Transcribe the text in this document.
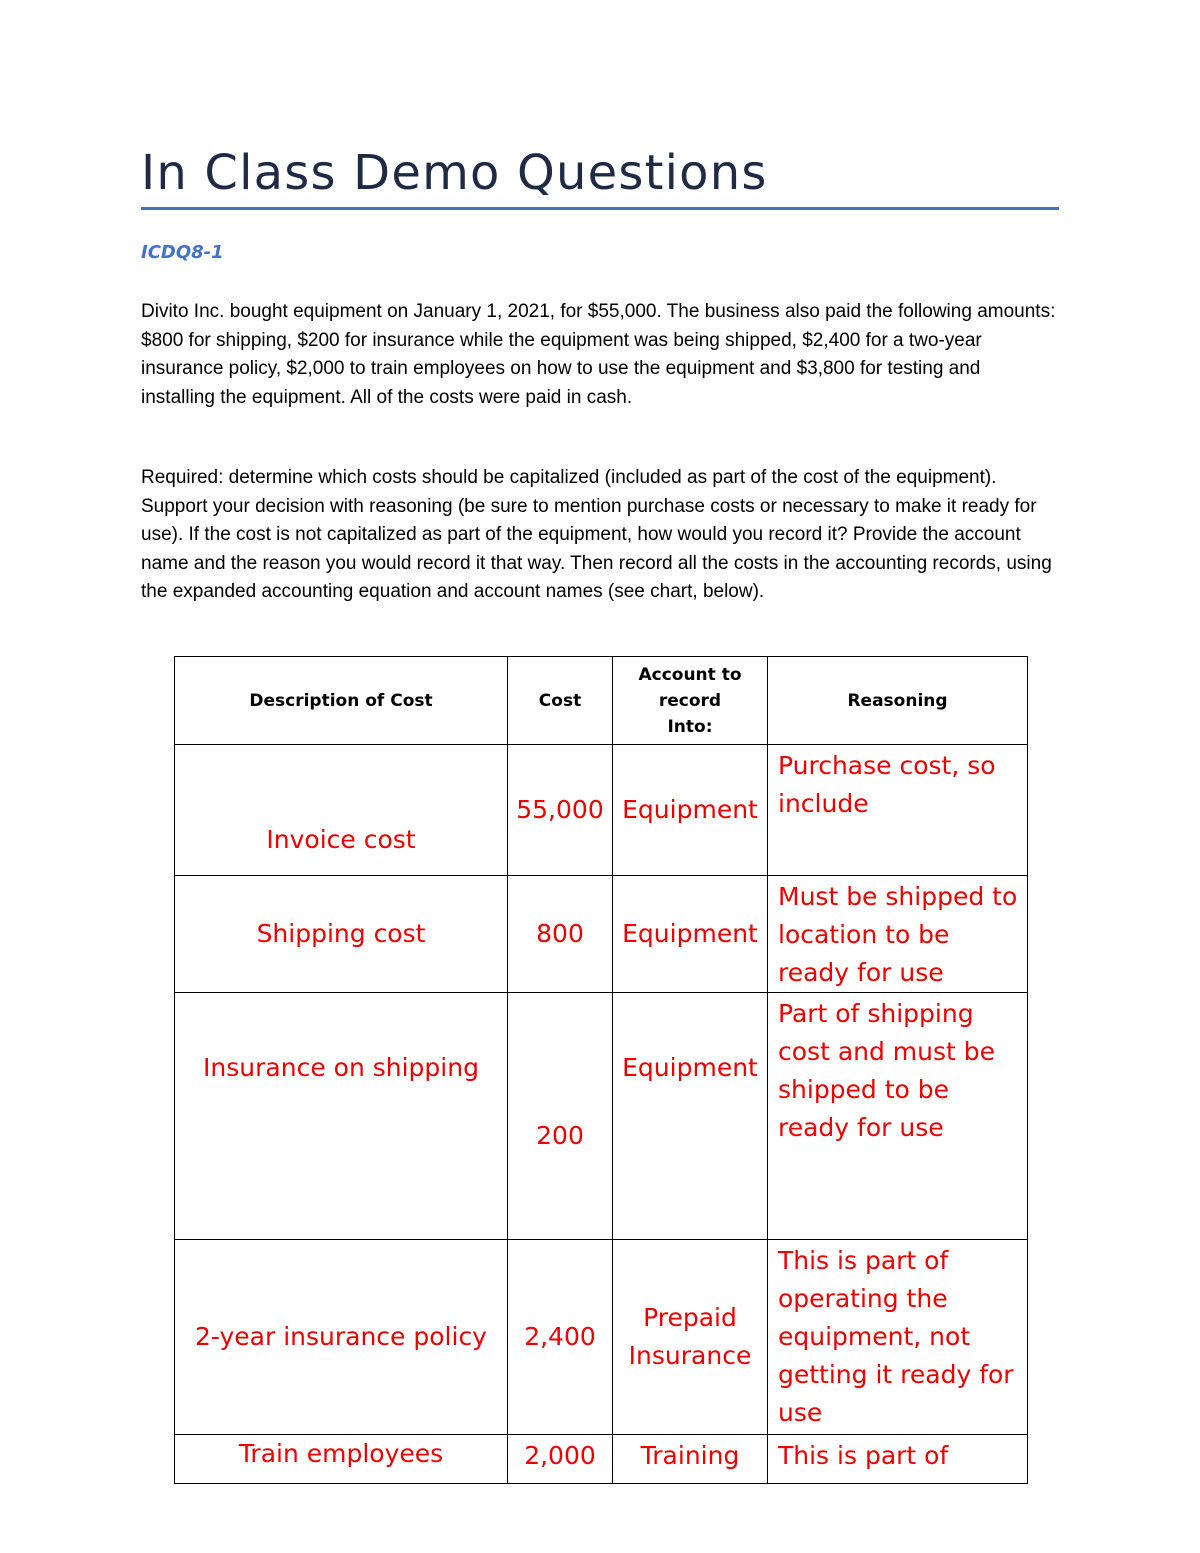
In Class Demo Questions
ICDQ8-1

Divito Inc. bought equipment on January 1, 2021, for $55,000. The business also paid the following amounts: $800 for shipping, $200 for insurance while the equipment was being shipped, $2,400 for a two-year insurance policy, $2,000 to train employees on how to use the equipment and $3,800 for testing and installing the equipment. All of the costs were paid in cash.

Required: determine which costs should be capitalized (included as part of the cost of the equipment). Support your decision with reasoning (be sure to mention purchase costs or necessary to make it ready for use). If the cost is not capitalized as part of the equipment, how would you record it? Provide the account name and the reason you would record it that way. Then record all the costs in the accounting records, using the expanded accounting equation and account names (see chart, below).

Description of Cost	Cost	Account to record Into:	Reasoning
Invoice cost	55,000	Equipment	Purchase cost, so include
Shipping cost	800	Equipment	Must be shipped to location to be ready for use
Insurance on shipping	200	Equipment	Part of shipping cost and must be shipped to be ready for use
2-year insurance policy	2,400	Prepaid Insurance	This is part of operating the equipment, not getting it ready for use
Train employees	2,000	Training	This is part of
